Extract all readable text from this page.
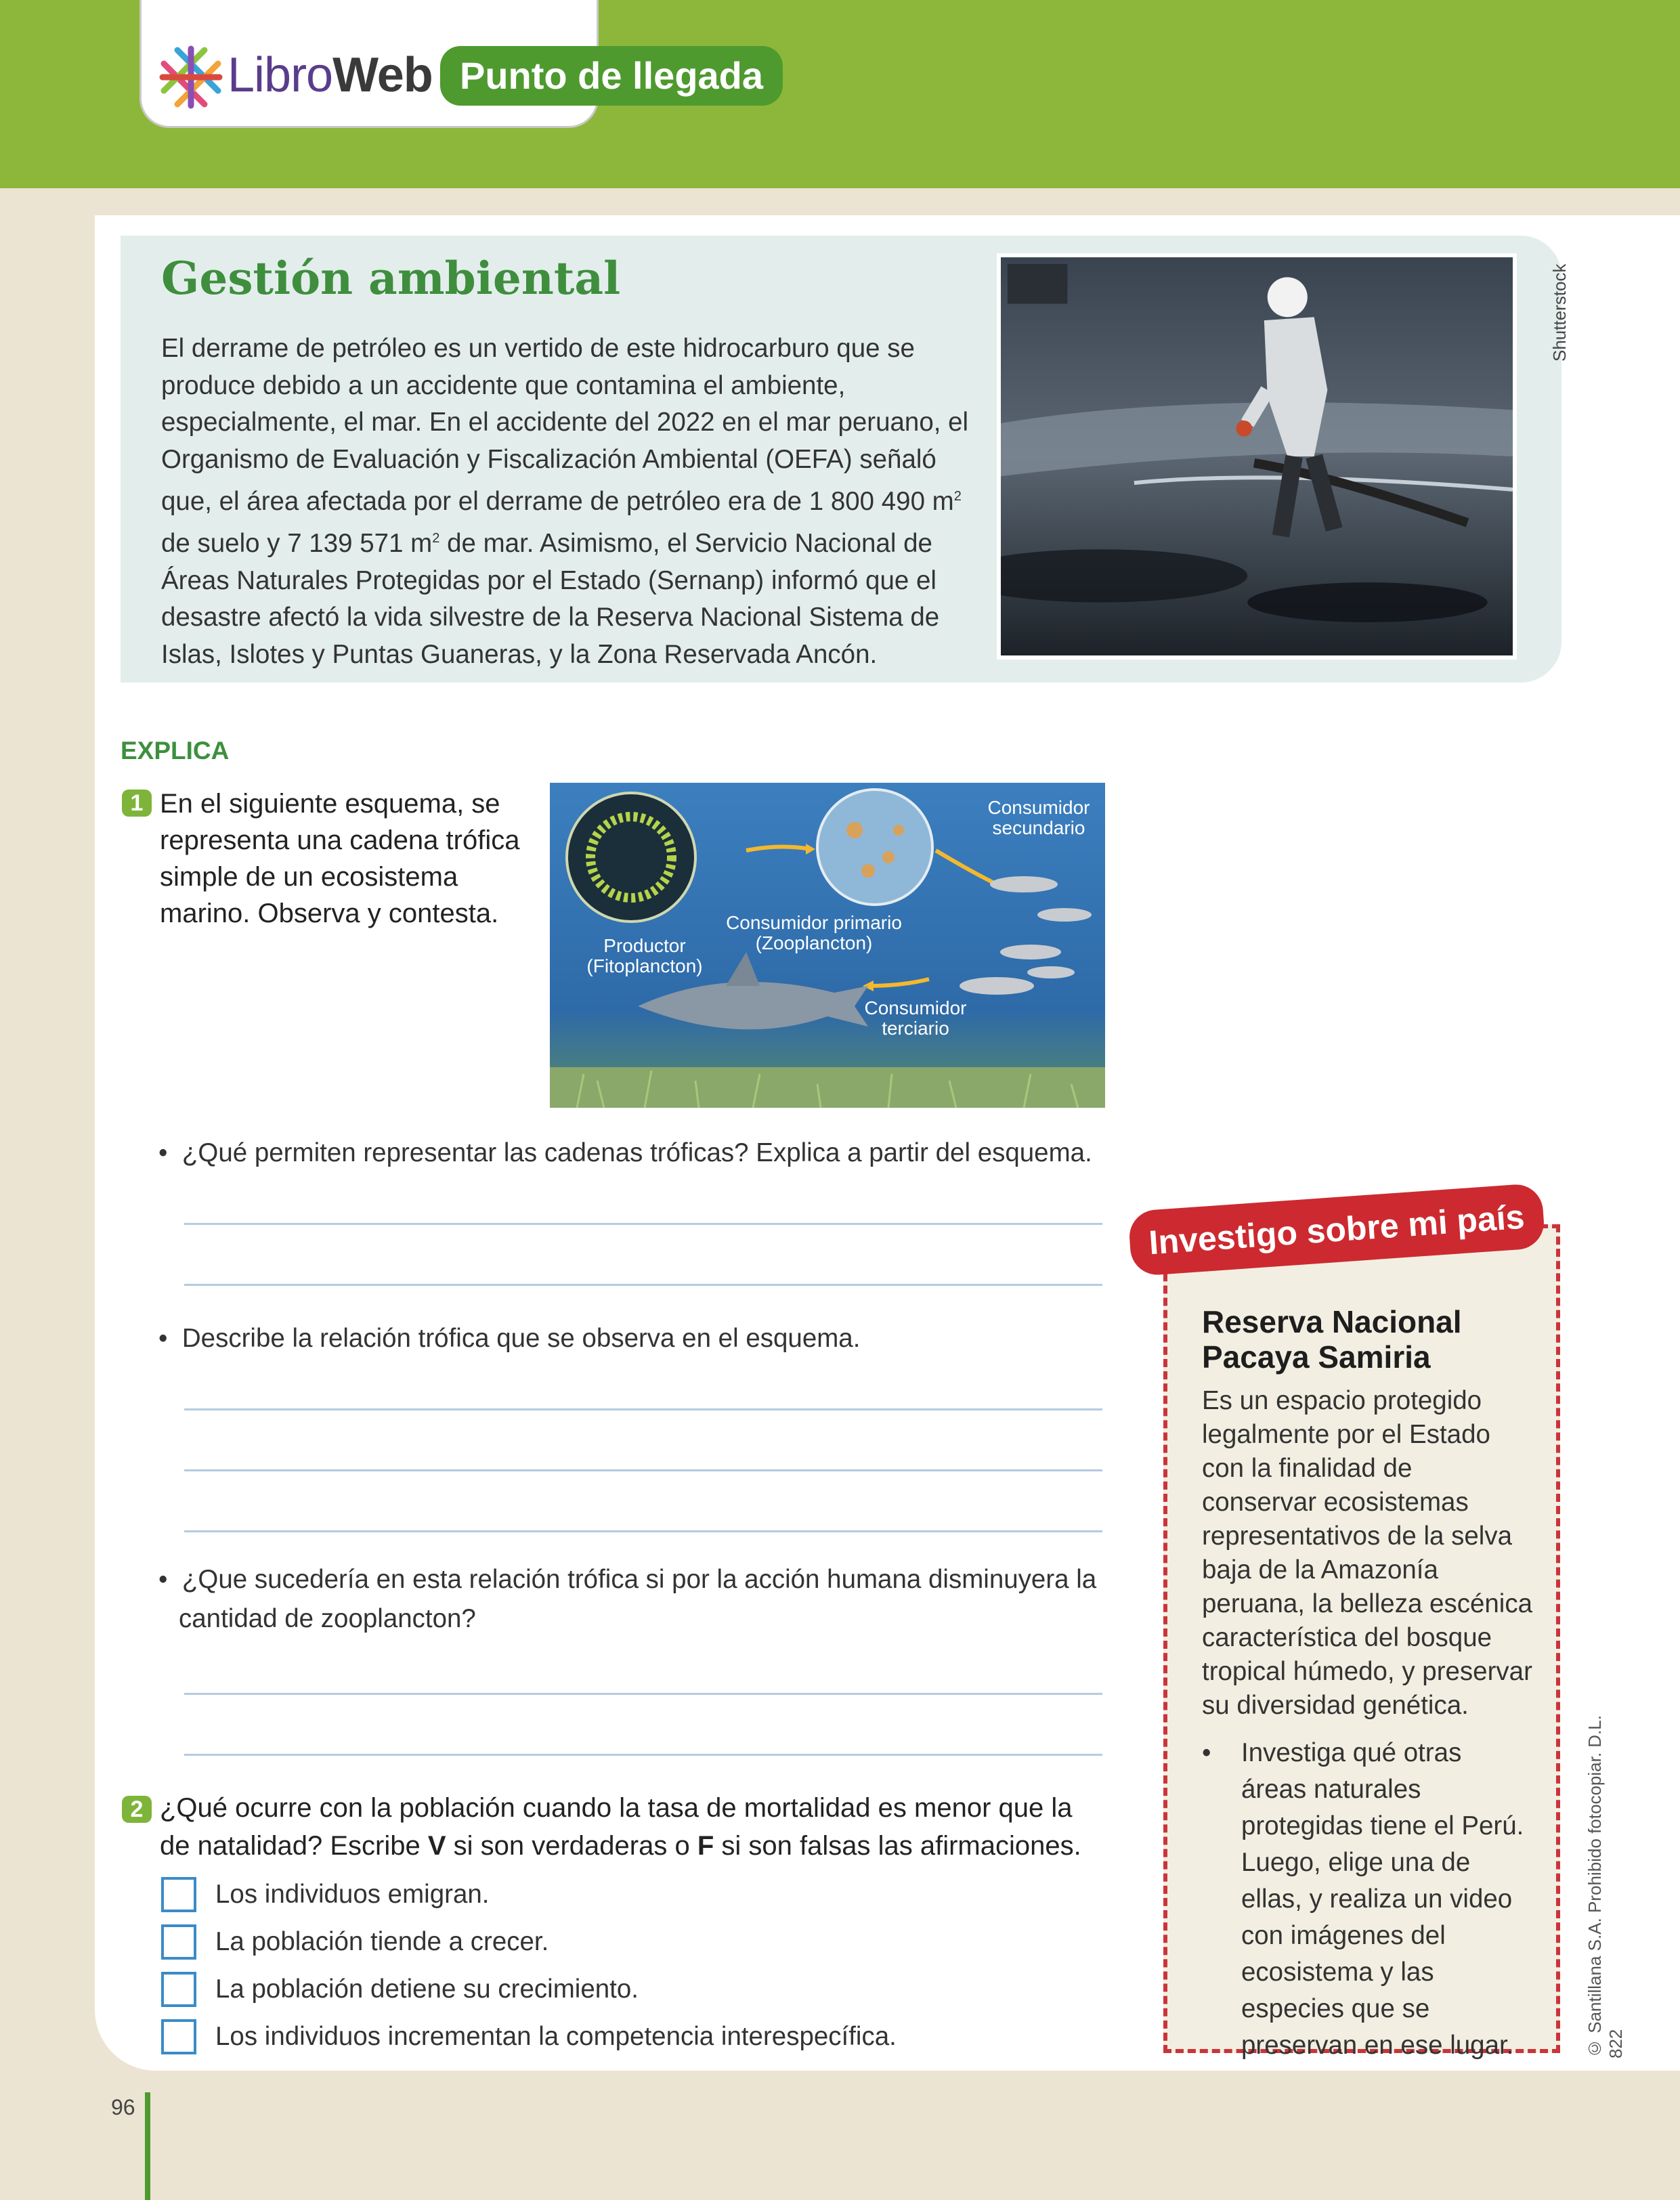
LibroWeb Punto de llegada
Gestión ambiental
El derrame de petróleo es un vertido de este hidrocarburo que se produce debido a un accidente que contamina el ambiente, especialmente, el mar. En el accidente del 2022 en el mar peruano, el Organismo de Evaluación y Fiscalización Ambiental (OEFA) señaló que, el área afectada por el derrame de petróleo era de 1 800 490 $m^2$ de suelo y 7 139 571 $m^2$ de mar. Asimismo, el Servicio Nacional de Áreas Naturales Protegidas por el Estado (Sernanp) informó que el desastre afectó la vida silvestre de la Reserva Nacional Sistema de Islas, Islotes y Puntas Guaneras, y la Zona Reservada Ancón.
Shutterstock
EXPLICA
1 En el siguiente esquema, se representa una cadena trófica simple de un ecosistema marino. Observa y contesta.
Consumidor
secundario
Productor
(Fitoplancton)
Consumidor primario
(Zooplancton)
Consumidor
terciario
•  ¿Qué permiten representar las cadenas tróficas? Explica a partir del esquema.
•  Describe la relación trófica que se observa en el esquema.
•  ¿Que sucedería en esta relación trófica si por la acción humana disminuyera la cantidad de zooplancton?
2 ¿Qué ocurre con la población cuando la tasa de mortalidad es menor que la de natalidad? Escribe V si son verdaderas o F si son falsas las afirmaciones.
Los individuos emigran.
La población tiende a crecer.
La población detiene su crecimiento.
Los individuos incrementan la competencia interespecífica.
Investigo sobre mi país
Reserva Nacional Pacaya Samiria
Es un espacio protegido legalmente por el Estado con la finalidad de conservar ecosistemas representativos de la selva baja de la Amazonía peruana, la belleza escénica característica del bosque tropical húmedo, y preservar su diversidad genética.
• Investiga qué otras áreas naturales protegidas tiene el Perú. Luego, elige una de ellas, y realiza un video con imágenes del ecosistema y las especies que se preservan en ese lugar.	© Santillana S.A. Prohibido fotocopiar. D.L. 822
96
